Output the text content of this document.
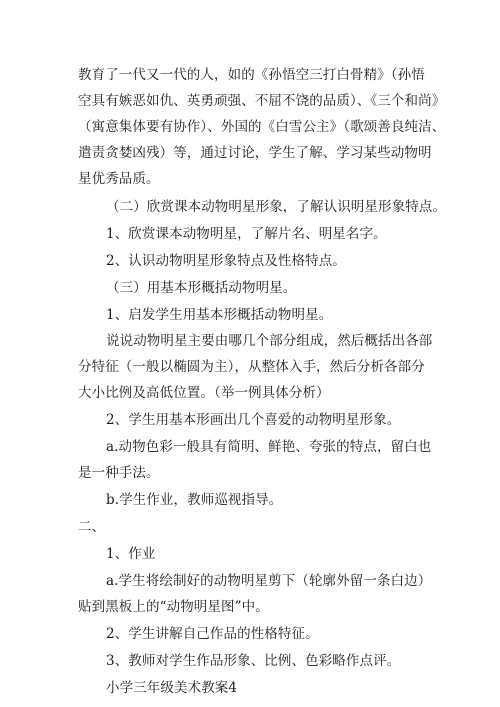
教育了一代又一代的人，如的《孙悟空三打白骨精》（孙悟
空具有嫉恶如仇、英勇顽强、不屈不饶的品质）、《三个和尚》
（寓意集体要有协作）、外国的《白雪公主》（歌颂善良纯洁、
遣责贪婪凶残）等，通过讨论，学生了解、学习某些动物明
星优秀品质。
（二）欣赏课本动物明星形象，了解认识明星形象特点。
1、欣赏课本动物明星，了解片名、明星名字。
2、认识动物明星形象特点及性格特点。
（三）用基本形概括动物明星。
1、启发学生用基本形概括动物明星。
说说动物明星主要由哪几个部分组成，然后概括出各部
分特征（一般以椭圆为主），从整体入手，然后分析各部分
大小比例及高低位置。（举一例具体分析）
2、学生用基本形画出几个喜爱的动物明星形象。
a.动物色彩一般具有简明、鲜艳、夸张的特点，留白也
是一种手法。
b.学生作业，教师巡视指导。
二、
1、作业
a.学生将绘制好的动物明星剪下（轮廓外留一条白边）
贴到黑板上的“动物明星图”中。
2、学生讲解自己作品的性格特征。
3、教师对学生作品形象、比例、色彩略作点评。
小学三年级美术教案4
